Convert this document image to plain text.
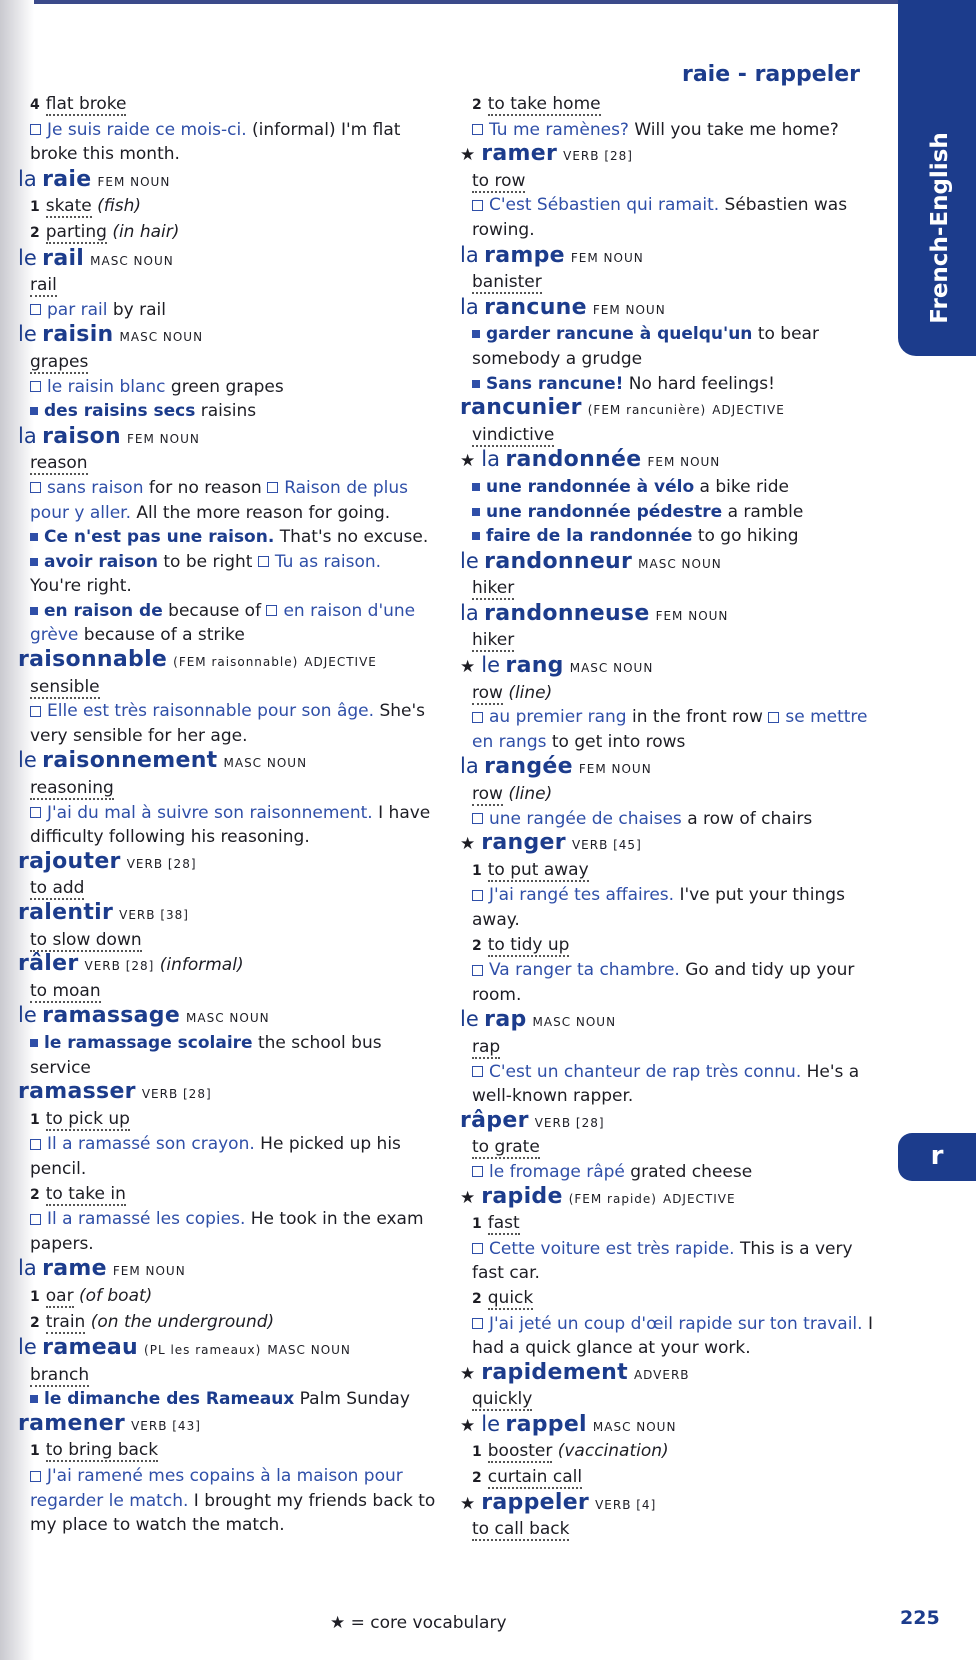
French-English
r
raie - rappeler

4 flat broke

Je suis raide ce mois-ci. (informal) I'm flat broke this month.

la raie FEM NOUN

1 skate (fish)

2 parting (in hair)

le rail MASC NOUN

rail

par rail by rail

le raisin MASC NOUN

grapes

le raisin blanc green grapes

des raisins secs raisins

la raison FEM NOUN

reason

sans raison for no reason Raison de plus pour y aller. All the more reason for going.

Ce n'est pas une raison. That's no excuse.

avoir raison to be right Tu as raison. You're right.

en raison de because of en raison d'une grève because of a strike

raisonnable (FEM raisonnable) ADJECTIVE

sensible

Elle est très raisonnable pour son âge. She's very sensible for her age.

le raisonnement MASC NOUN

reasoning

J'ai du mal à suivre son raisonnement. I have difficulty following his reasoning.

rajouter VERB [28]

to add

ralentir VERB [38]

to slow down

râler VERB [28] (informal)

to moan

le ramassage MASC NOUN

le ramassage scolaire the school bus service

ramasser VERB [28]

1 to pick up

Il a ramassé son crayon. He picked up his pencil.

2 to take in

Il a ramassé les copies. He took in the exam papers.

la rame FEM NOUN

1 oar (of boat)

2 train (on the underground)

le rameau (PL les rameaux) MASC NOUN

branch

le dimanche des Rameaux Palm Sunday

ramener VERB [43]

1 to bring back

J'ai ramené mes copains à la maison pour regarder le match. I brought my friends back to my place to watch the match.

2 to take home

Tu me ramènes? Will you take me home?

★ ramer VERB [28]

to row

C'est Sébastien qui ramait. Sébastien was rowing.

la rampe FEM NOUN

banister

la rancune FEM NOUN

garder rancune à quelqu'un to bear somebody a grudge

Sans rancune! No hard feelings!

rancunier (FEM rancunière) ADJECTIVE

vindictive

★ la randonnée FEM NOUN

une randonnée à vélo a bike ride

une randonnée pédestre a ramble

faire de la randonnée to go hiking

le randonneur MASC NOUN

hiker

la randonneuse FEM NOUN

hiker

★ le rang MASC NOUN

row (line)

au premier rang in the front row se mettre en rangs to get into rows

la rangée FEM NOUN

row (line)

une rangée de chaises a row of chairs

★ ranger VERB [45]

1 to put away

J'ai rangé tes affaires. I've put your things away.

2 to tidy up

Va ranger ta chambre. Go and tidy up your room.

le rap MASC NOUN

rap

C'est un chanteur de rap très connu. He's a well-known rapper.

râper VERB [28]

to grate

le fromage râpé grated cheese

★ rapide (FEM rapide) ADJECTIVE

1 fast

Cette voiture est très rapide. This is a very fast car.

2 quick

J'ai jeté un coup d'œil rapide sur ton travail. I had a quick glance at your work.

★ rapidement ADVERB

quickly

★ le rappel MASC NOUN

1 booster (vaccination)

2 curtain call

★ rappeler VERB [4]

to call back

★ = core vocabulary	225
